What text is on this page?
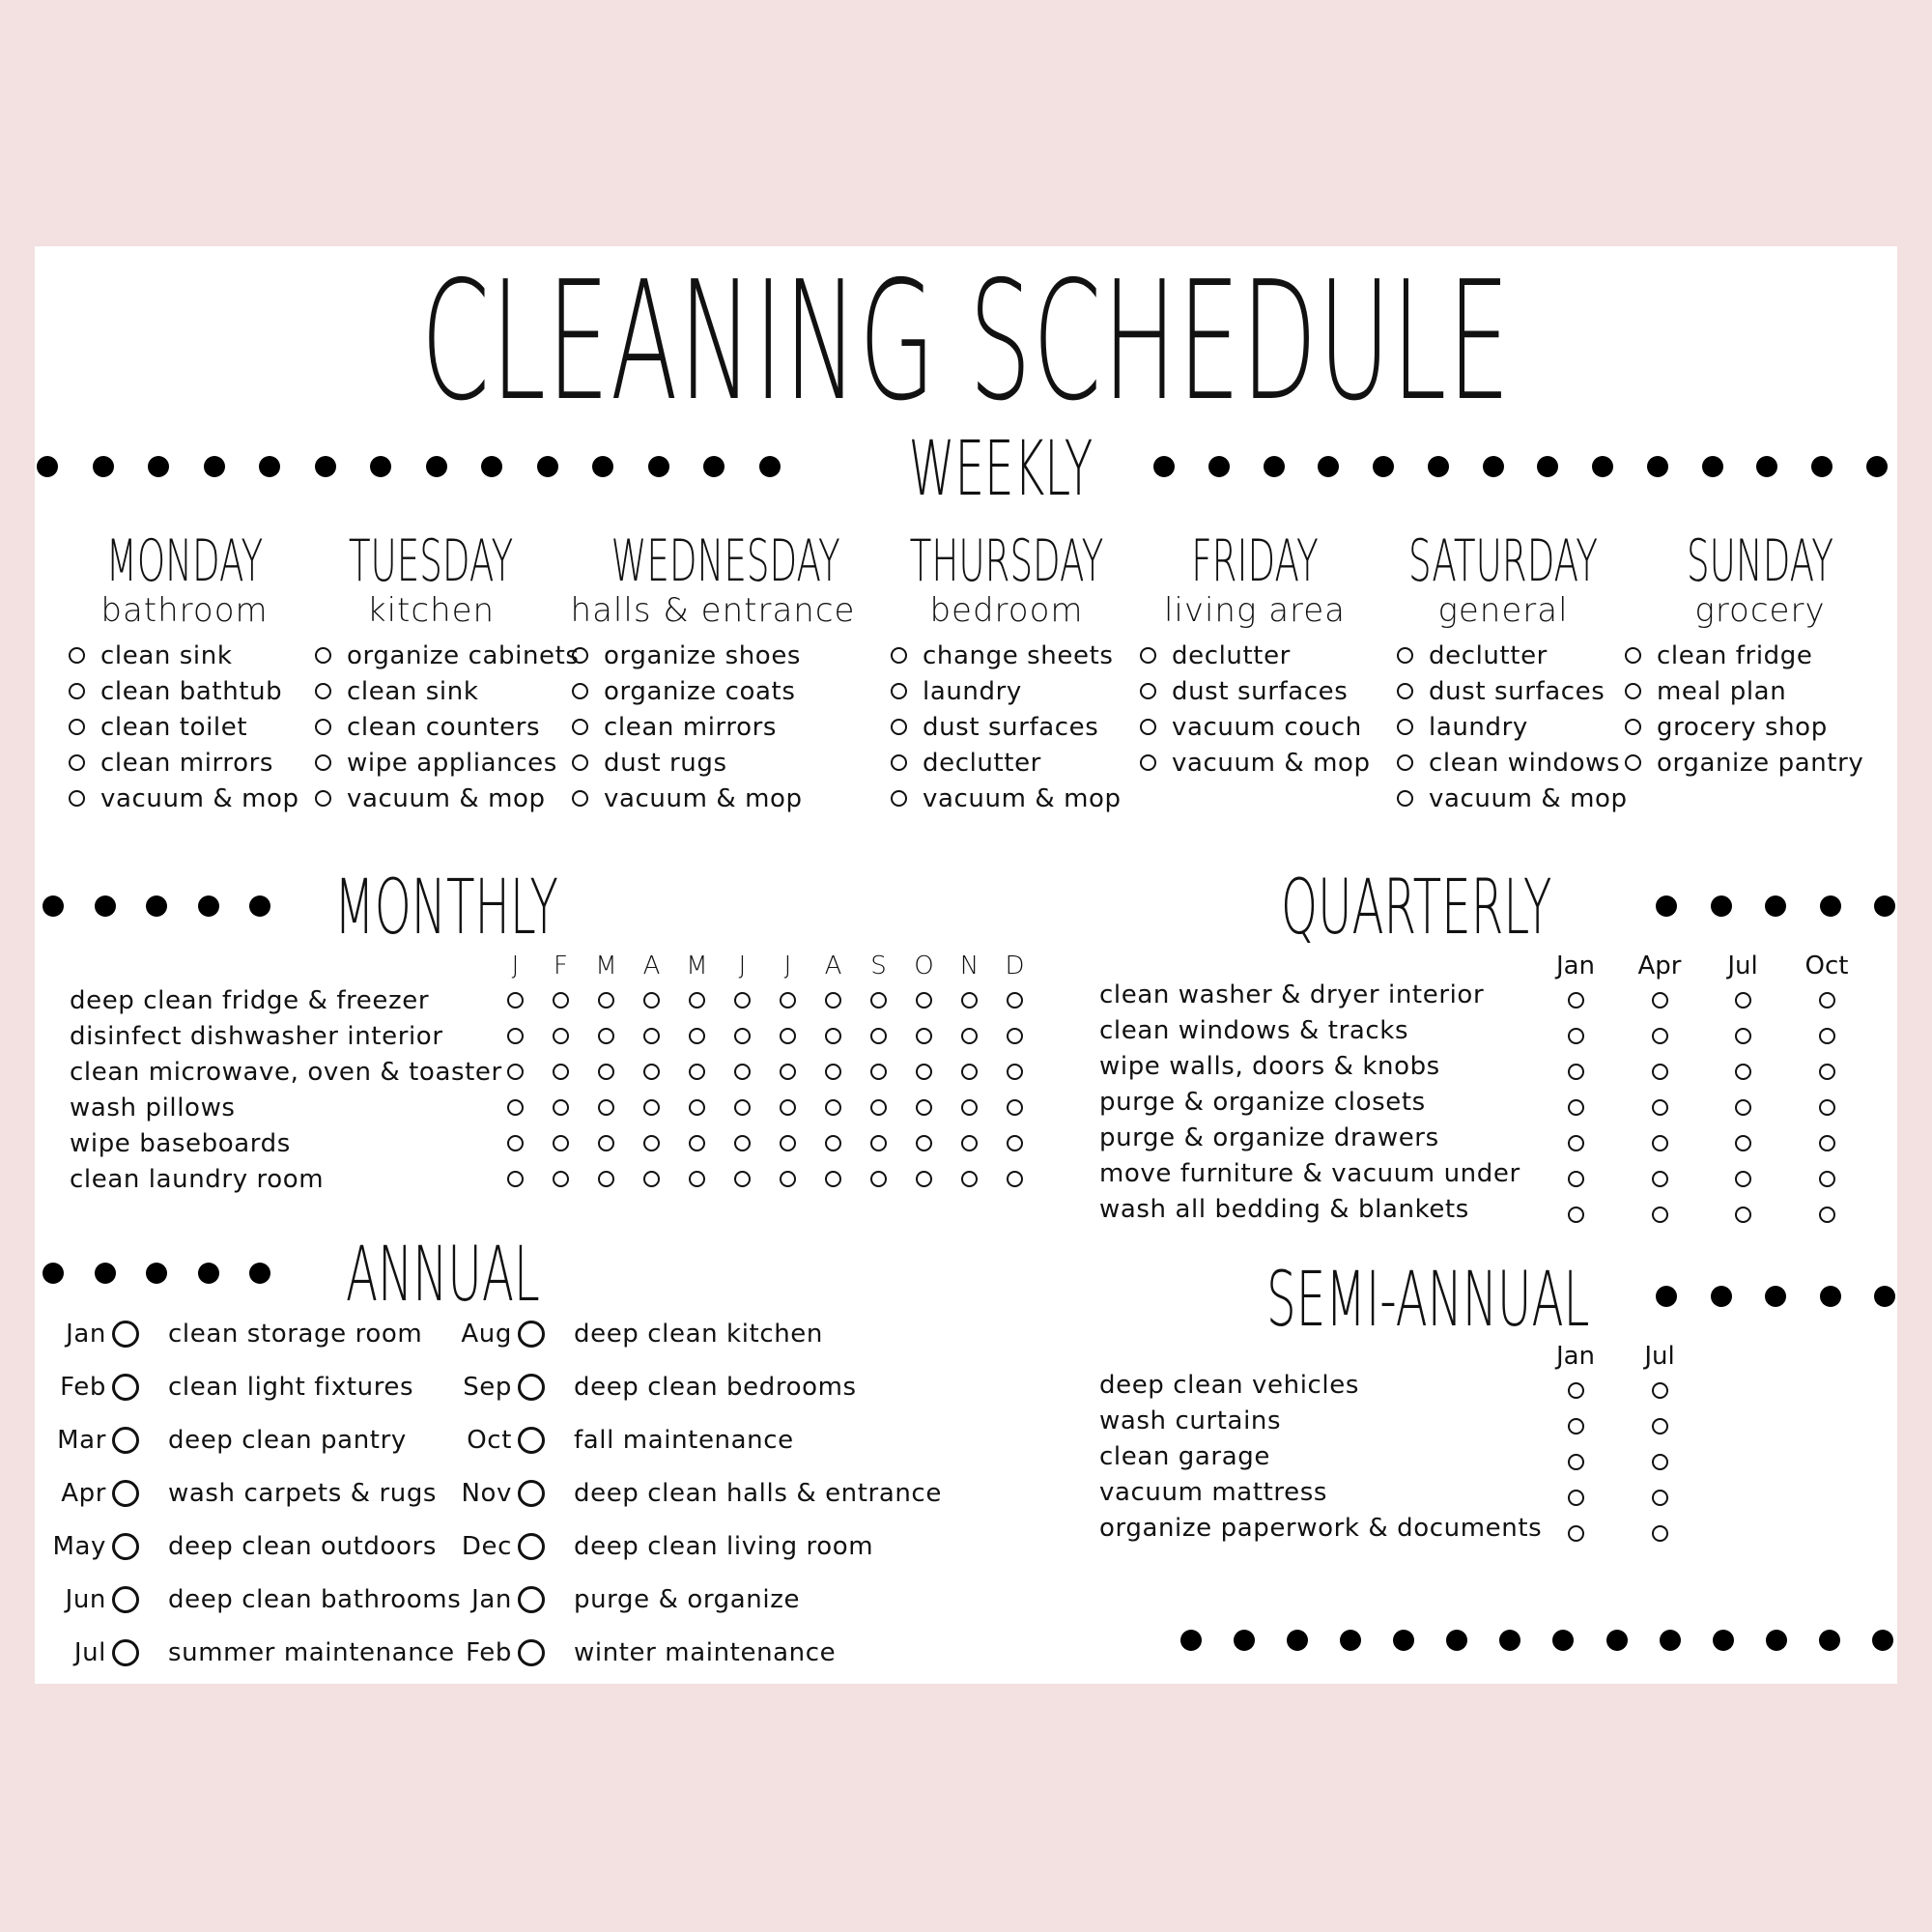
CLEANING SCHEDULE
WEEKLY
MONDAY
bathroom
clean sink
clean bathtub
clean toilet
clean mirrors
vacuum & mop
TUESDAY
kitchen
organize cabinets
clean sink
clean counters
wipe appliances
vacuum & mop
WEDNESDAY
halls & entrance
organize shoes
organize coats
clean mirrors
dust rugs
vacuum & mop
THURSDAY
bedroom
change sheets
laundry
dust surfaces
declutter
vacuum & mop
FRIDAY
living area
declutter
dust surfaces
vacuum couch
vacuum & mop
SATURDAY
general
declutter
dust surfaces
laundry
clean windows
vacuum & mop
SUNDAY
grocery
clean fridge
meal plan
grocery shop
organize pantry
MONTHLY
J	F	M	A	M	J	J	A	S	O	N	D
deep clean fridge & freezer
disinfect dishwasher interior
clean microwave, oven & toaster
wash pillows
wipe baseboards
clean laundry room
QUARTERLY
Jan	Apr	Jul	Oct
clean washer & dryer interior
clean windows & tracks
wipe walls, doors & knobs
purge & organize closets
purge & organize drawers
move furniture & vacuum under
wash all bedding & blankets
ANNUAL
Jan clean storage room
Feb clean light fixtures
Mar deep clean pantry
Apr wash carpets & rugs
May deep clean outdoors
Jun deep clean bathrooms
Jul summer maintenance
Aug deep clean kitchen
Sep deep clean bedrooms
Oct fall maintenance
Nov deep clean halls & entrance
Dec deep clean living room
Jan purge & organize
Feb winter maintenance
SEMI-ANNUAL
Jan	Jul
deep clean vehicles
wash curtains
clean garage
vacuum mattress
organize paperwork & documents
